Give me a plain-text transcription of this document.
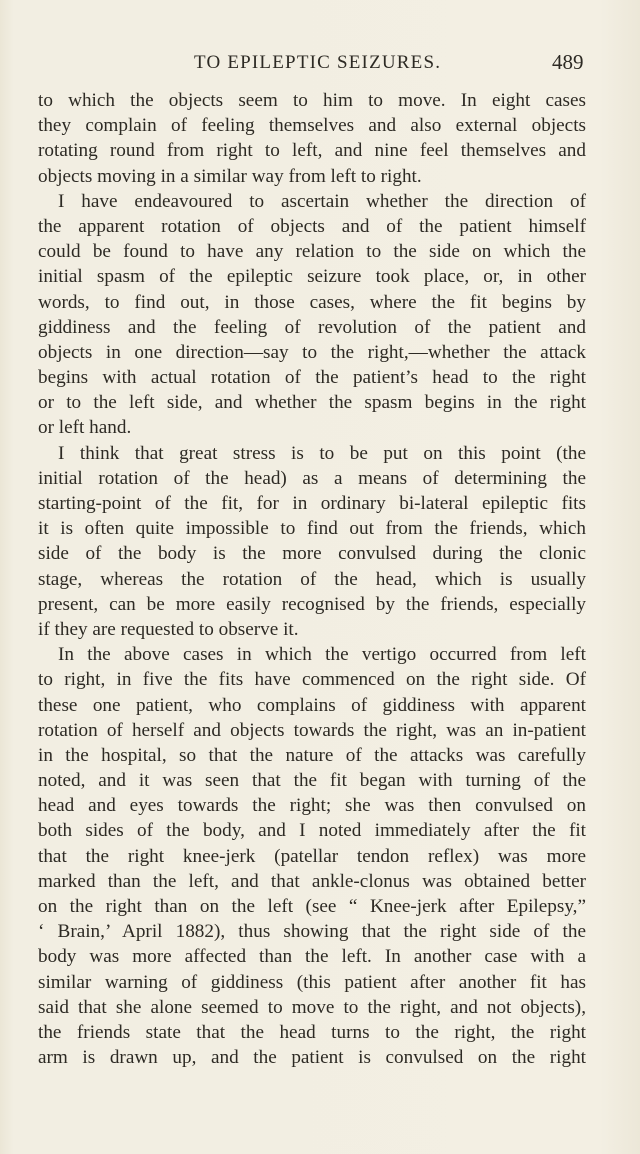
TO EPILEPTIC SEIZURES.	489
to which the objects seem to him to move. In eight cases
they complain of feeling themselves and also external objects
rotating round from right to left, and nine feel themselves and
objects moving in a similar way from left to right.
I have endeavoured to ascertain whether the direction of
the apparent rotation of objects and of the patient himself
could be found to have any relation to the side on which the
initial spasm of the epileptic seizure took place, or, in other
words, to find out, in those cases, where the fit begins by
giddiness and the feeling of revolution of the patient and
objects in one direction—say to the right,—whether the attack
begins with actual rotation of the patient’s head to the right
or to the left side, and whether the spasm begins in the right
or left hand.
I think that great stress is to be put on this point (the
initial rotation of the head) as a means of determining the
starting-point of the fit, for in ordinary bi-lateral epileptic fits
it is often quite impossible to find out from the friends, which
side of the body is the more convulsed during the clonic
stage, whereas the rotation of the head, which is usually
present, can be more easily recognised by the friends, especially
if they are requested to observe it.
In the above cases in which the vertigo occurred from left
to right, in five the fits have commenced on the right side. Of
these one patient, who complains of giddiness with apparent
rotation of herself and objects towards the right, was an in-patient
in the hospital, so that the nature of the attacks was carefully
noted, and it was seen that the fit began with turning of the
head and eyes towards the right; she was then convulsed on
both sides of the body, and I noted immediately after the fit
that the right knee-jerk (patellar tendon reflex) was more
marked than the left, and that ankle-clonus was obtained better
on the right than on the left (see “ Knee-jerk after Epilepsy,”
‘ Brain,’ April 1882), thus showing that the right side of the
body was more affected than the left. In another case with a
similar warning of giddiness (this patient after another fit has
said that she alone seemed to move to the right, and not objects),
the friends state that the head turns to the right, the right
arm is drawn up, and the patient is convulsed on the right
